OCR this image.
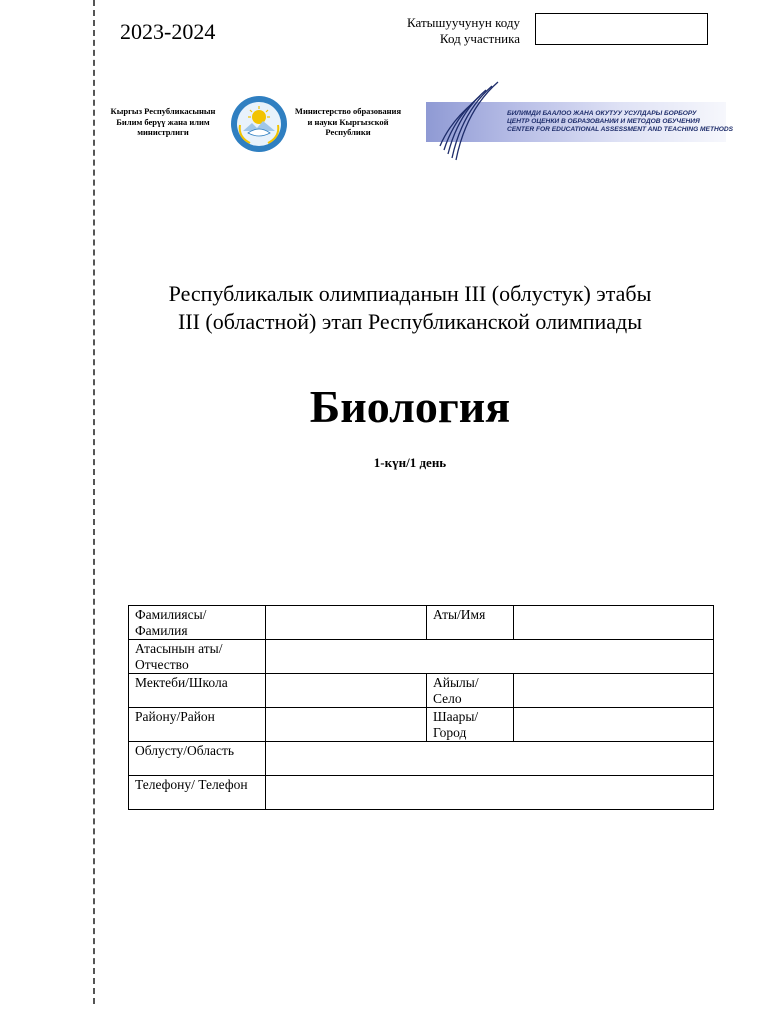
2023-2024	Катышуучунун коду
Код участника
Кыргыз Республикасынын
Билим берүү жана илим
министрлиги
Министерство образования
и науки Кыргызской
Республики
БИЛИМДИ БААЛОО ЖАНА ОКУТУУ УСУЛДАРЫ БОРБОРУ
ЦЕНТР ОЦЕНКИ В ОБРАЗОВАНИИ И МЕТОДОВ ОБУЧЕНИЯ
CENTER FOR EDUCATIONAL ASSESSMENT AND TEACHING METHODS
Республикалык олимпиаданын III (облустук) этабы
III (областной) этап Республиканской олимпиады
Биология
1-күн/1 день
Фамилиясы/ Фамилия		Аты/Имя	
Атасынын аты/ Отчество			
Мектеби/Школа		Айылы/ Село	
Району/Район		Шаары/ Город	
Облусту/Область			
Телефону/ Телефон			
